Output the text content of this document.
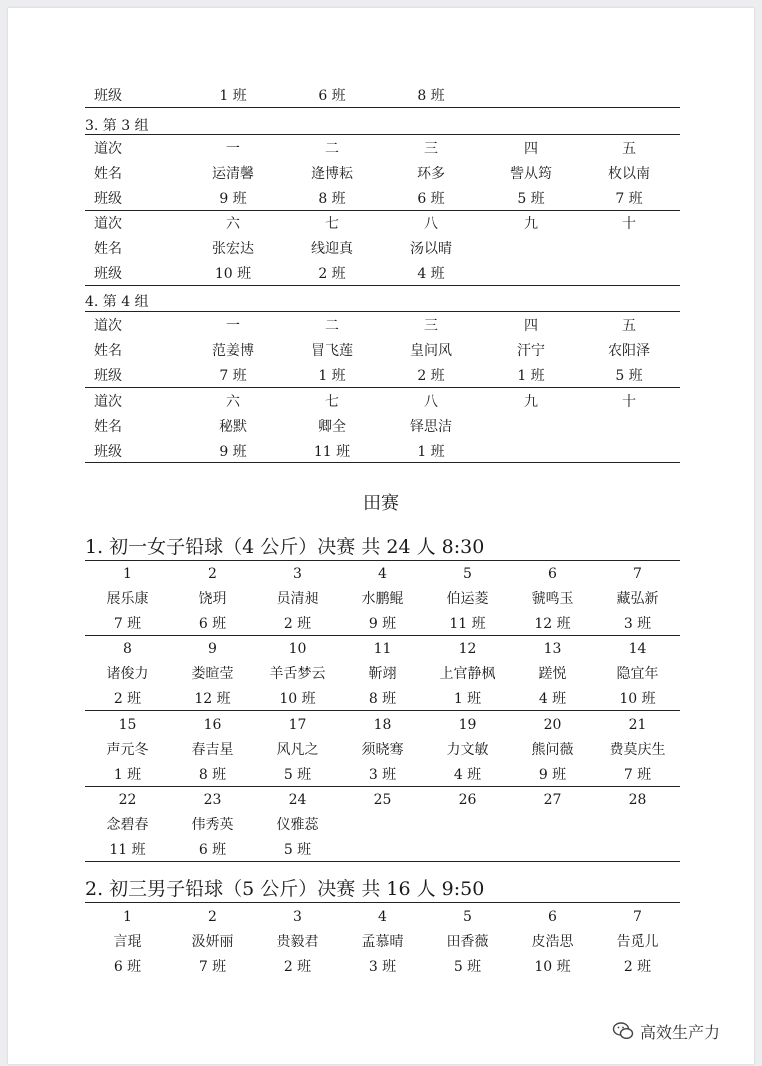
高效生产力
班级	1 班	6 班	8 班
3. 第 3 组
道次	一	二	三	四	五
姓名	运清馨	逄博耘	环多	訾从筠	枚以南
班级	9 班	8 班	6 班	5 班	7 班
道次	六	七	八	九	十
姓名	张宏达	线迎真	汤以晴
班级	10 班	2 班	4 班
4. 第 4 组
道次	一	二	三	四	五
姓名	范姜博	冒飞莲	皇问风	汗宁	农阳泽
班级	7 班	1 班	2 班	1 班	5 班
道次	六	七	八	九	十
姓名	秘默	卿全	铎思洁
班级	9 班	11 班	1 班
田赛
1. 初一女子铅球（4 公斤）决赛 共 24 人 8:30
1	2	3	4	5	6	7
展乐康	饶玥	员清昶	水鹏鲲	伯运菱	虢鸣玉	藏弘新
7 班	6 班	2 班	9 班	11 班	12 班	3 班
8	9	10	11	12	13	14
诸俊力	娄暄莹	羊舌梦云	靳翊	上官静枫	蹉悦	隐宜年
2 班	12 班	10 班	8 班	1 班	4 班	10 班
15	16	17	18	19	20	21
声元冬	春吉星	风凡之	须晓骞	力文敏	熊问薇	费莫庆生
1 班	8 班	5 班	3 班	4 班	9 班	7 班
22	23	24	25	26	27	28
念碧春	伟秀英	仪雅蕊
11 班	6 班	5 班
2. 初三男子铅球（5 公斤）决赛 共 16 人 9:50
1	2	3	4	5	6	7
言琨	汲妍丽	贵毅君	孟慕晴	田香薇	皮浩思	告觅儿
6 班	7 班	2 班	3 班	5 班	10 班	2 班
